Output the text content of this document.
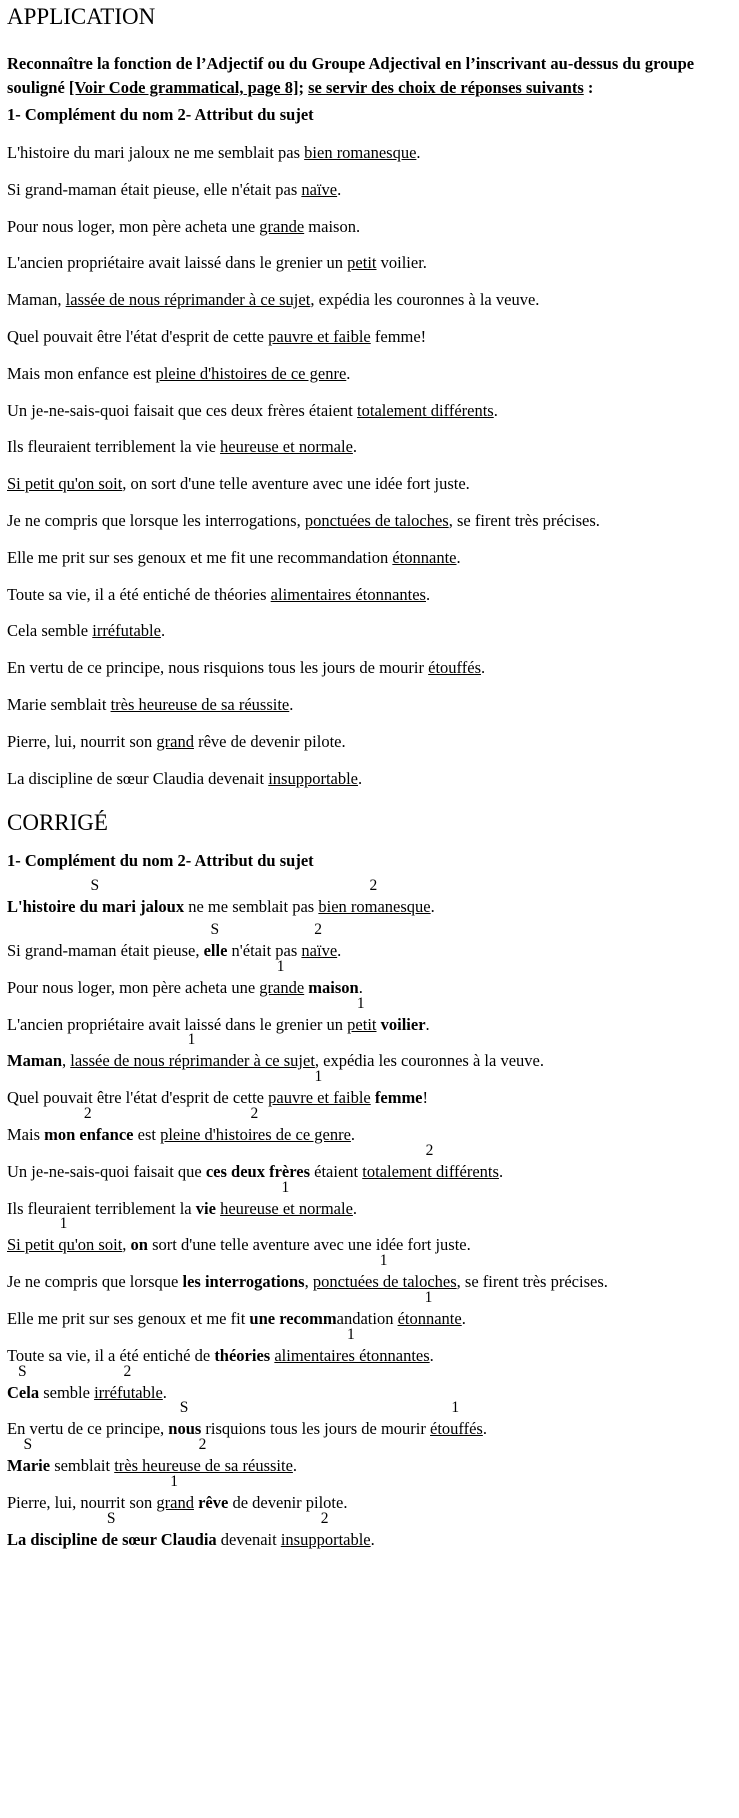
APPLICATION
Reconnaître la fonction de l’Adjectif ou du Groupe Adjectival en l’inscrivant au-dessus du groupe souligné [Voir Code grammatical, page 8]; se servir des choix de réponses suivants :
1- Complément du nom 2- Attribut du sujet
L'histoire du mari jaloux ne me semblait pas bien romanesque.
Si grand-maman était pieuse, elle n'était pas naïve.
Pour nous loger, mon père acheta une grande maison.
L'ancien propriétaire avait laissé dans le grenier un petit voilier.
Maman, lassée de nous réprimander à ce sujet, expédia les couronnes à la veuve.
Quel pouvait être l'état d'esprit de cette pauvre et faible femme!
Mais mon enfance est pleine d'histoires de ce genre.
Un je-ne-sais-quoi faisait que ces deux frères étaient totalement différents.
Ils fleuraient terriblement la vie heureuse et normale.
Si petit qu'on soit, on sort d'une telle aventure avec une idée fort juste.
Je ne compris que lorsque les interrogations, ponctuées de taloches, se firent très précises.
Elle me prit sur ses genoux et me fit une recommandation étonnante.
Toute sa vie, il a été entiché de théories alimentaires étonnantes.
Cela semble irréfutable.
En vertu de ce principe, nous risquions tous les jours de mourir étouffés.
Marie semblait très heureuse de sa réussite.
Pierre, lui, nourrit son grand rêve de devenir pilote.
La discipline de sœur Claudia devenait insupportable.
CORRIGÉ
1- Complément du nom 2- Attribut du sujet
S	2
L'histoire du mari jaloux ne me semblait pas bien romanesque.
S	2
Si grand-maman était pieuse, elle n'était pas naïve.
1
Pour nous loger, mon père acheta une grande maison.
1
L'ancien propriétaire avait laissé dans le grenier un petit voilier.
1
Maman, lassée de nous réprimander à ce sujet, expédia les couronnes à la veuve.
1
Quel pouvait être l'état d'esprit de cette pauvre et faible femme!
2	2
Mais mon enfance est pleine d'histoires de ce genre.
2
Un je-ne-sais-quoi faisait que ces deux frères étaient totalement différents.
1
Ils fleuraient terriblement la vie heureuse et normale.
1
Si petit qu'on soit, on sort d'une telle aventure avec une idée fort juste.
1
Je ne compris que lorsque les interrogations, ponctuées de taloches, se firent très précises.
1
Elle me prit sur ses genoux et me fit une recommandation étonnante.
1
Toute sa vie, il a été entiché de théories alimentaires étonnantes.
S	2
Cela semble irréfutable.
S	1
En vertu de ce principe, nous risquions tous les jours de mourir étouffés.
S	2
Marie semblait très heureuse de sa réussite.
1
Pierre, lui, nourrit son grand rêve de devenir pilote.
S	2
La discipline de sœur Claudia devenait insupportable.
